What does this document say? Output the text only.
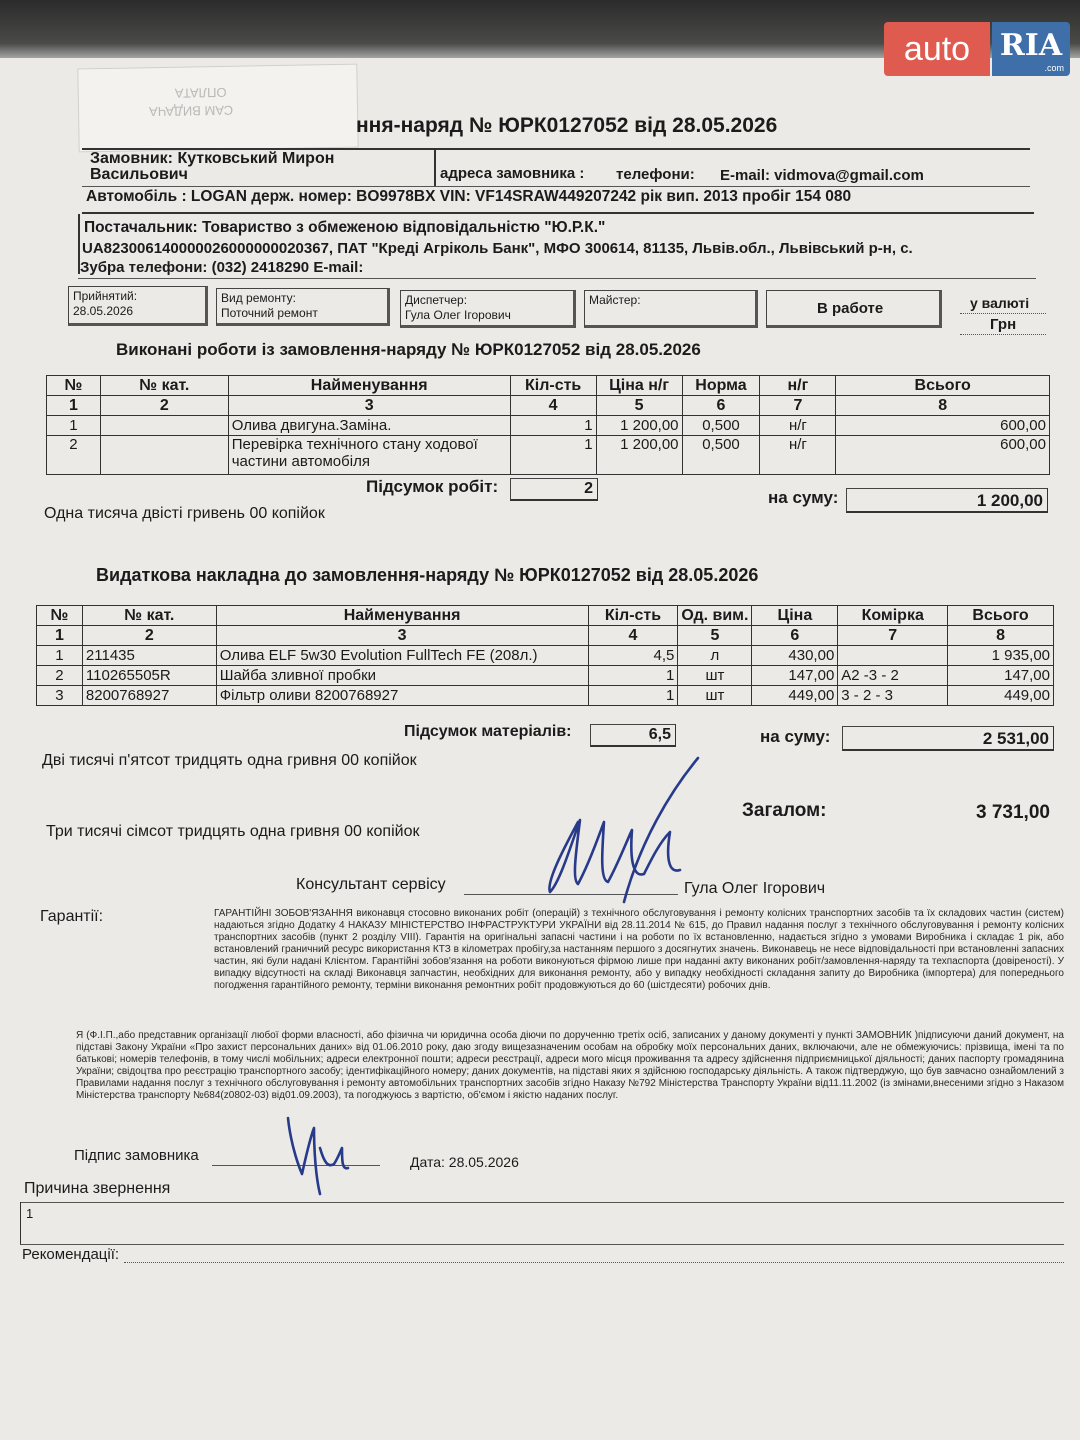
auto RIA
.com
ОПЛАТА
САМ ВИДАЧА
ння-наряд № ЮРК0127052 від 28.05.2026
Замовник: Кутковський Мирон
Васильович	адреса замовника : телефони: E-mail: vidmova@gmail.com
Автомобіль : LOGAN держ. номер: BO9978BX VIN: VF14SRAW449207242 рік вип. 2013 пробіг 154 080
Постачальник: Товариство з обмеженою відповідальністю "Ю.Р.К."
UA823006140000026000000020367, ПАТ "Креді Агріколь Банк", МФО 300614, 81135, Львів.обл., Львівський р-н, с.
Зубра телефони: (032) 2418290 E-mail:
Прийнятий:
28.05.2026
Вид ремонту:
Поточний ремонт
Диспетчер:
Гула Олег Ігорович
Майстер:	В работе	у валюті
Грн
Виконані роботи із замовлення-наряду № ЮРК0127052 від 28.05.2026
№	№ кат.	Найменування	Кіл-сть	Ціна н/г	Норма	н/г	Всього
1	2	3	4	5	6	7	8
1		Олива двигуна.Заміна.	1	1 200,00	0,500	н/г	600,00
2		Перевірка технічного стану ходової
частини автомобіля	1	1 200,00	0,500	н/г	600,00
Підсумок робіт:	2	на суму:	1 200,00
Одна тисяча двісті гривень 00 копійок
Видаткова накладна до замовлення-наряду № ЮРК0127052 від 28.05.2026
№	№ кат.	Найменування	Кіл-сть	Од. вим.	Ціна	Комірка	Всього
1	2	3	4	5	6	7	8
1	211435	Олива ELF 5w30 Evolution FullTech FE (208л.)	4,5	л	430,00		1 935,00
2	110265505R	Шайба зливної пробки	1	шт	147,00	A2 -3 - 2	147,00
3	8200768927	Фільтр оливи 8200768927	1	шт	449,00	3 - 2 - 3	449,00
Підсумок матеріалів:	6,5	на суму:	2 531,00
Дві тисячі п'ятсот тридцять одна гривня 00 копійок
Загалом:	3 731,00
Три тисячі сімсот тридцять одна гривня 00 копійок
Консультант сервісу	Гула Олег Ігорович
Гарантії:	ГАРАНТІЙНІ ЗОБОВ'ЯЗАННЯ виконавця стосовно виконаних робіт (операцій) з технічного обслуговування і ремонту колісних транспортних засобів та їх складових частин (систем) надаються згідно Додатку 4 НАКАЗУ МІНІСТЕРСТВО ІНФРАСТРУКТУРИ УКРАЇНИ від 28.11.2014 № 615, до Правил надання послуг з технічного обслуговування і ремонту колісних транспортних засобів (пункт 2 розділу VIII). Гарантія на оригінальні запасні частини і на роботи по їх встановленню, надається згідно з умовами Виробника і складає 1 рік, або встановлений граничний ресурс використання КТЗ в кілометрах пробігу,за настанням першого з досягнутих значень. Виконавець не несе відповідальності при встановленні запасних частин, які були надані Клієнтом. Гарантійні зобов'язання на роботи виконуються фірмою лише при наданні акту виконаних робіт/замовлення-наряду та техпаспорта (довіреності). У випадку відсутності на складі Виконавця запчастин, необхідних для виконання ремонту, або у випадку необхідності складання запиту до Виробника (імпортера) для попереднього погодження гарантійного ремонту, терміни виконання ремонтних робіт продовжуються до 60 (шістдесяти) робочих днів.
Я (Ф.І.П.,або представник організації любої форми власності, або фізична чи юридична особа діючи по дорученню третіх осіб, записаних у даному документі у пункті ЗАМОВНИК )підписуючи даний документ, на підставі Закону України «Про захист персональних даних» від 01.06.2010 року, даю згоду вищезазначеним особам на обробку моїх персональних даних, включаючи, але не обмежуючись: прізвища, імені та по батькові; номерів телефонів, в тому числі мобільних; адреси електронної пошти; адреси реєстрації, адреси мого місця проживання та адресу здійснення підприємницької діяльності; даних паспорту громадянина України; свідоцтва про реєстрацію транспортного засобу; ідентифікаційного номеру; даних документів, на підставі яких я здійснюю господарську діяльність. А також підтверджую, що був завчасно ознайомлений з Правилами надання послуг з технічного обслуговування і ремонту автомобільних транспортних засобів згідно Наказу №792 Міністерства Транспорту України від11.11.2002 (із змінами,внесеними згідно з Наказом Міністерства транспорту №684(z0802-03) від01.09.2003), та погоджуюсь з вартістю, об'ємом і якістю наданих послуг.
Підпис замовника	Дата: 28.05.2026
Причина звернення
1
Рекомендації:
